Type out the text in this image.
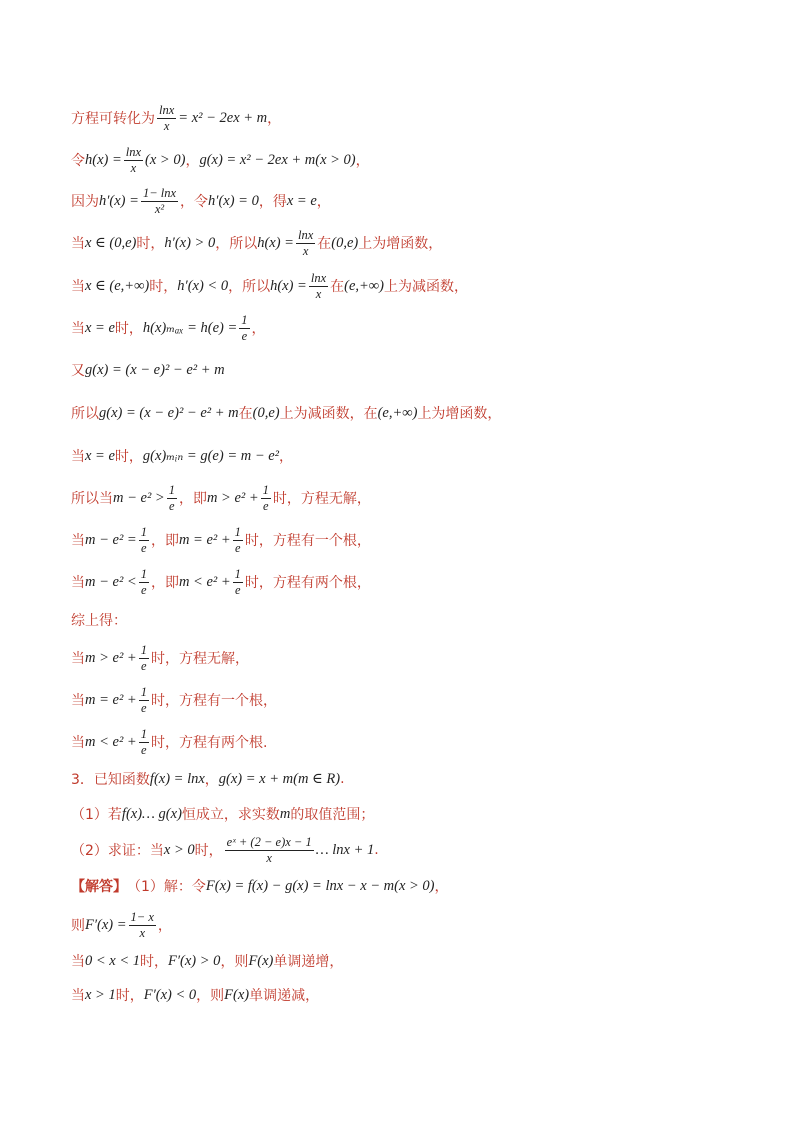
方程可转化为 $\frac{\ln x}{x} = x^2 - 2ex + m$ ，
令 $h(x) = \frac{\ln x}{x} (x > 0)$ ， g(x) = x² − 2ex + m(x > 0) ，
因为 $h'(x) = \frac{1- \ln x}{\text{x²}}$ ，令 h′(x) = 0 ，得 x = e ，
当 x ∈ (0,e) 时， h′(x) > 0 ，所以 $h(x) = \frac{\ln x}{x}$ 在 (0,e) 上为增函数，
当 x ∈ (e,+∞) 时， h′(x) < 0 ，所以 $h(x) = \frac{\ln x}{x}$ 在 (e,+∞) 上为减函数，
当 x = e 时， $h(x)_{max} = h(e) = \frac{1}{e}$ ，
又 g(x) = (x − e)² − e² + m
所以 g(x) = (x − e)² − e² + m 在 (0,e) 上为减函数，在 (e,+∞) 上为增函数，
当 x = e 时， g(x)ₘᵢₙ = g(e) = m − e² ，
所以当 $m - e^2 > \frac{1}{e}$ ，即 $m > e^2 + \frac{1}{e}$ 时，方程无解，
当 $m - e^2 = \frac{1}{e}$ ，即 $m = e^2 + \frac{1}{e}$ 时，方程有一个根，
当 $m - e^2 < \frac{1}{e}$ ，即 $m < e^2 + \frac{1}{e}$ 时，方程有两个根，
综上得：
当 $m > e^2 + \frac{1}{e}$ 时，方程无解，
当 $m = e^2 + \frac{1}{e}$ 时，方程有一个根，
当 $m < e^2 + \frac{1}{e}$ 时，方程有两个根.
3．已知函数 f(x) = lnx ， g(x) = x + m(m ∈ R) .
（1）若 f(x)… g(x) 恒成立，求实数 m 的取值范围；
（2）求证：当 x > 0 时， $\frac{\text{eˣ + (2 − e)x − 1}}{x}$ … lnx + 1 .
【解答】 （1）解：令 F(x) = f(x) − g(x) = lnx − x − m(x > 0) ，
则 $F'(x) = \frac{1- x}{x}$ ，
当 0 < x < 1 时， F′(x) > 0 ，则 F(x) 单调递增，
当 x > 1 时， F′(x) < 0 ，则 F(x) 单调递减，
